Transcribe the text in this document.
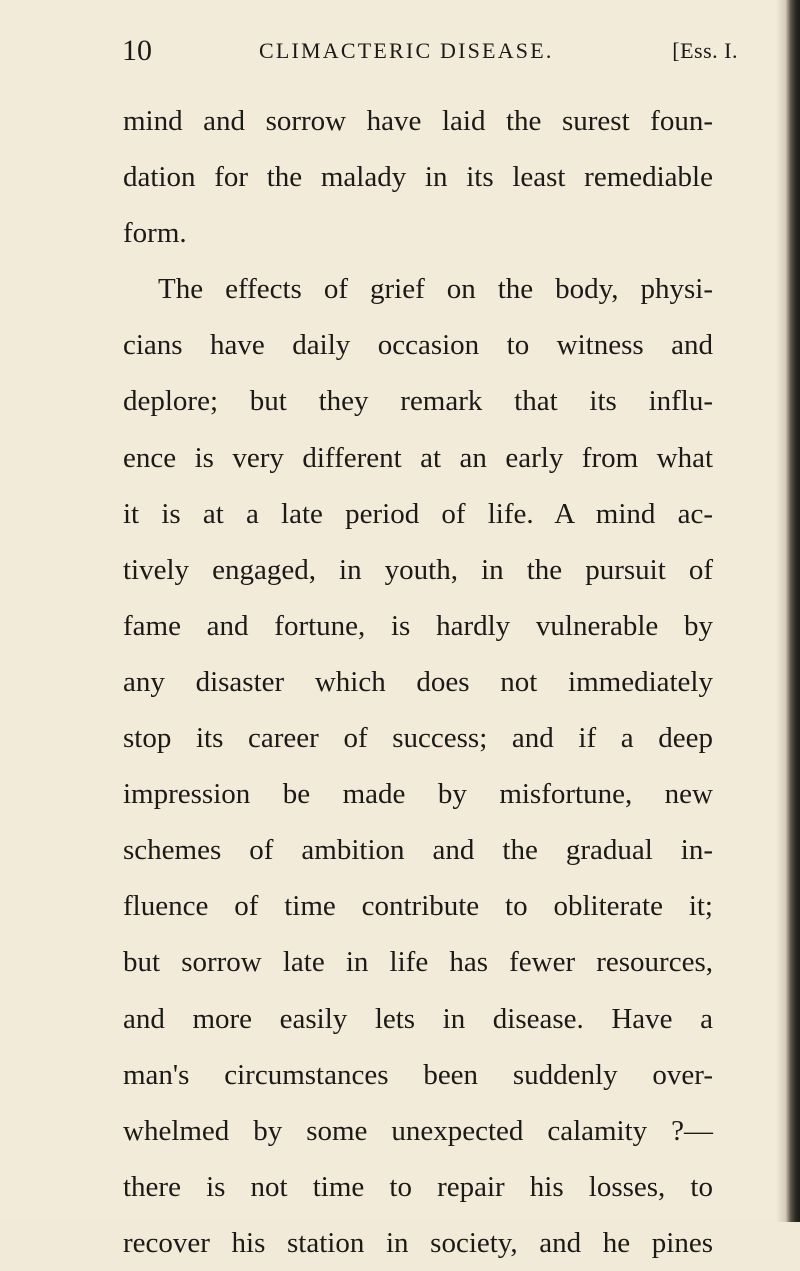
10	CLIMACTERIC DISEASE.	[Ess. I.
mind and sorrow have laid the surest foun-
dation for the malady in its least remediable
form.
The effects of grief on the body, physi-
cians have daily occasion to witness and
deplore; but they remark that its influ-
ence is very different at an early from what
it is at a late period of life. A mind ac-
tively engaged, in youth, in the pursuit of
fame and fortune, is hardly vulnerable by
any disaster which does not immediately
stop its career of success; and if a deep
impression be made by misfortune, new
schemes of ambition and the gradual in-
fluence of time contribute to obliterate it;
but sorrow late in life has fewer resources,
and more easily lets in disease. Have a
man's circumstances been suddenly over-
whelmed by some unexpected calamity ?—
there is not time to repair his losses, to
recover his station in society, and he pines
